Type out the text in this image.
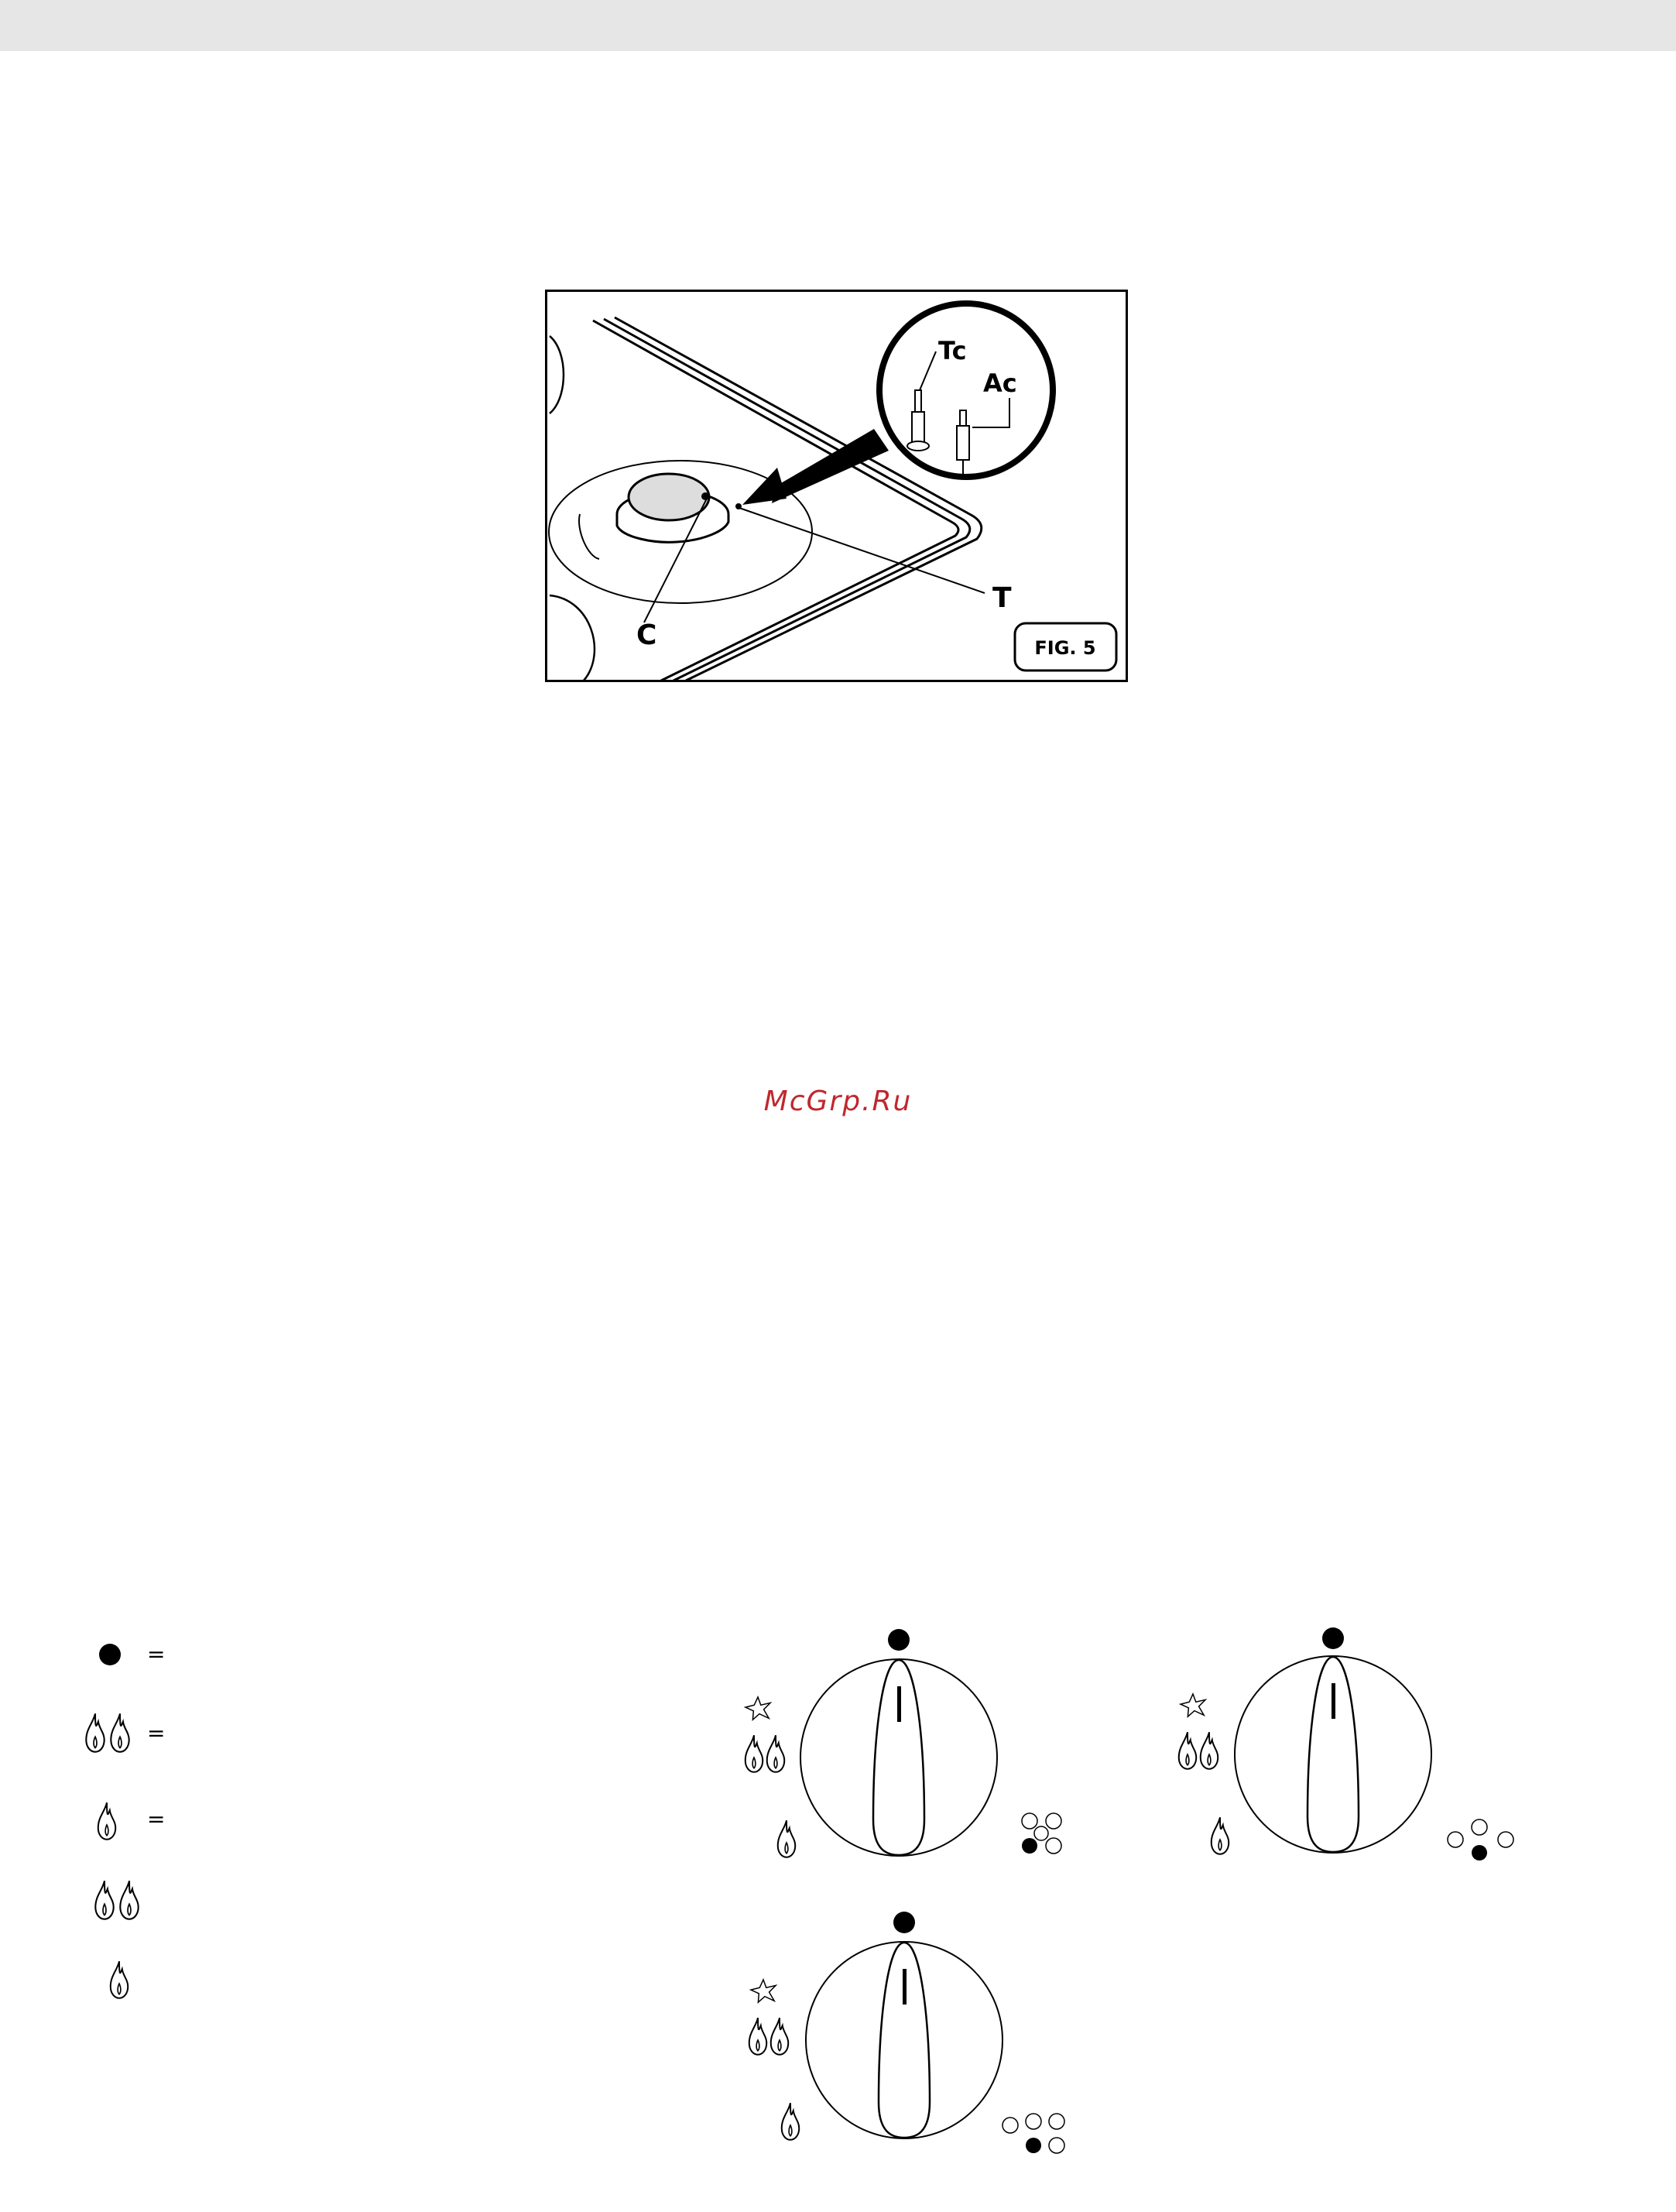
C
T
Tc
Ac
FIG. 5
McGrp.Ru
=
=
=
